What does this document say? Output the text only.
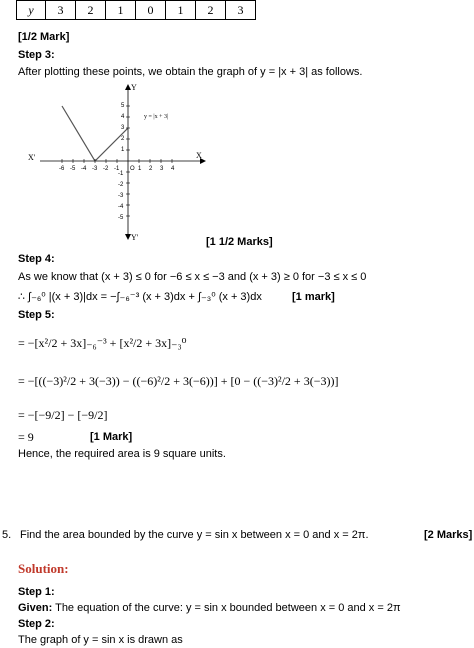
y	3	2	1	0	1	2	3
[1/2 Mark]
Step 3:
After plotting these points, we obtain the graph of y = |x + 3| as follows.
-6 -5 -4 -3 -2 -1	1 2 3 4
5
4
3
2
1
-1
-2
-3
-4
-5
O
X
X'
Y
Y'
y = |x + 3|
[1 1/2 Marks]
Step 4:
As we know that (x + 3) ≤ 0 for −6 ≤ x ≤ −3 and (x + 3) ≥ 0 for −3 ≤ x ≤ 0
∴ ∫₋₆⁰ |(x + 3)|dx = −∫₋₆⁻³ (x + 3)dx + ∫₋₃⁰ (x + 3)dx	[1 mark]
Step 5:
= −[x²/2 + 3x]₋₆⁻³ + [x²/2 + 3x]₋₃⁰
= −[((−3)²/2 + 3(−3)) − ((−6)²/2 + 3(−6))] + [0 − ((−3)²/2 + 3(−3))]
= −[−9/2] − [−9/2]
= 9	[1 Mark]
Hence, the required area is 9 square units.
5. Find the area bounded by the curve y = sin x between x = 0 and x = 2π.	[2 Marks]
Solution:
Step 1:
Given: The equation of the curve: y = sin x bounded between x = 0 and x = 2π
Step 2:
The graph of y = sin x is drawn as
